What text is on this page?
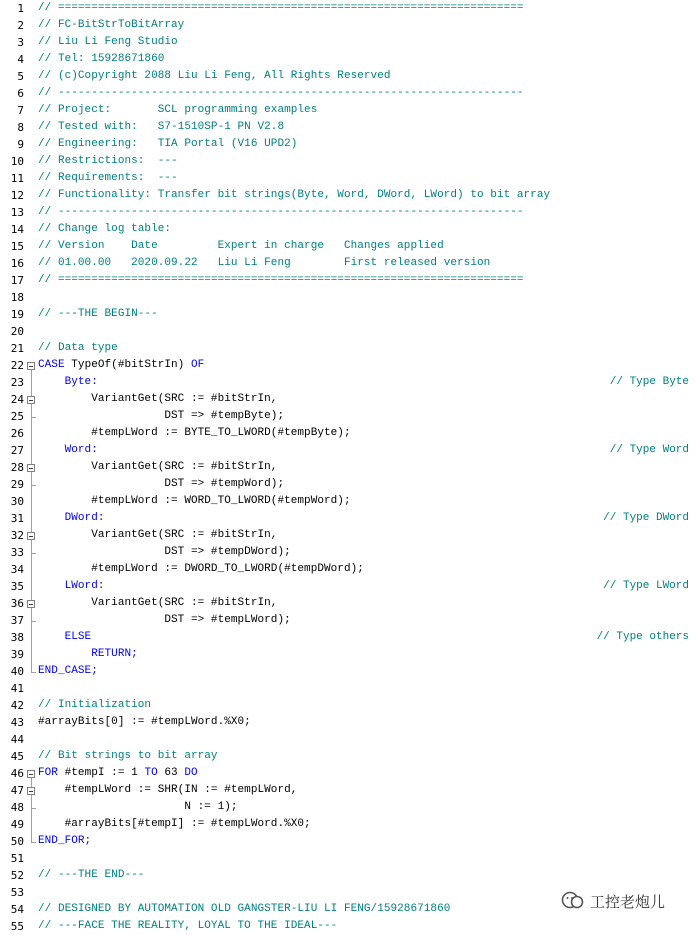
1 // ======================================================================
2 // FC-BitStrToBitArray
3 // Liu Li Feng Studio
4 // Tel: 15928671860
5 // (c)Copyright 2088 Liu Li Feng, All Rights Reserved
6 // ----------------------------------------------------------------------
7 // Project:       SCL programming examples
8 // Tested with:   S7-1510SP-1 PN V2.8
9 // Engineering:   TIA Portal (V16 UPD2)
10 // Restrictions:  ---
11 // Requirements:  ---
12 // Functionality: Transfer bit strings(Byte, Word, DWord, LWord) to bit array
13 // ----------------------------------------------------------------------
14 // Change log table:
15 // Version    Date         Expert in charge   Changes applied
16 // 01.00.00   2020.09.22   Liu Li Feng        First released version
17 // ======================================================================
18
19 // ---THE BEGIN---
20
21 // Data type
22 CASE TypeOf(#bitStrIn) OF
23 Byte:	// Type Byte
24 VariantGet(SRC := #bitStrIn,
25 DST => #tempByte);
26 #tempLWord := BYTE_TO_LWORD(#tempByte);
27 Word:	// Type Word
28 VariantGet(SRC := #bitStrIn,
29 DST => #tempWord);
30 #tempLWord := WORD_TO_LWORD(#tempWord);
31 DWord:	// Type DWord
32 VariantGet(SRC := #bitStrIn,
33 DST => #tempDWord);
34 #tempLWord := DWORD_TO_LWORD(#tempDWord);
35 LWord:	// Type LWord
36 VariantGet(SRC := #bitStrIn,
37 DST => #tempLWord);
38 ELSE	// Type others
39 RETURN;
40 END_CASE;
41
42 // Initialization
43 #arrayBits[0] := #tempLWord.%X0;
44
45 // Bit strings to bit array
46 FOR #tempI := 1 TO 63 DO
47 #tempLWord := SHR(IN := #tempLWord,
48 N := 1);
49 #arrayBits[#tempI] := #tempLWord.%X0;
50 END_FOR;
51
52 // ---THE END---
53
54 // DESIGNED BY AUTOMATION OLD GANGSTER-LIU LI FENG/15928671860
55 // ---FACE THE REALITY, LOYAL TO THE IDEAL---
工控老炮儿
